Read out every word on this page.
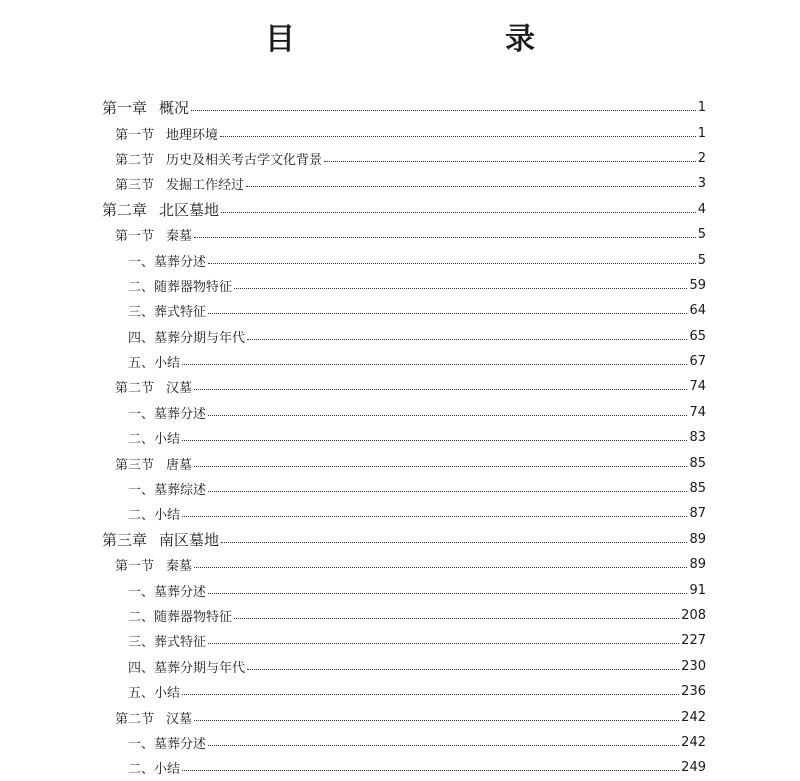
目　　录
第一章 概况	1
第一节 地理环境	1
第二节 历史及相关考古学文化背景	2
第三节 发掘工作经过	3
第二章 北区墓地	4
第一节 秦墓	5
一、墓葬分述	5
二、随葬器物特征	59
三、葬式特征	64
四、墓葬分期与年代	65
五、小结	67
第二节 汉墓	74
一、墓葬分述	74
二、小结	83
第三节 唐墓	85
一、墓葬综述	85
二、小结	87
第三章 南区墓地	89
第一节 秦墓	89
一、墓葬分述	91
二、随葬器物特征	208
三、葬式特征	227
四、墓葬分期与年代	230
五、小结	236
第二节 汉墓	242
一、墓葬分述	242
二、小结	249
